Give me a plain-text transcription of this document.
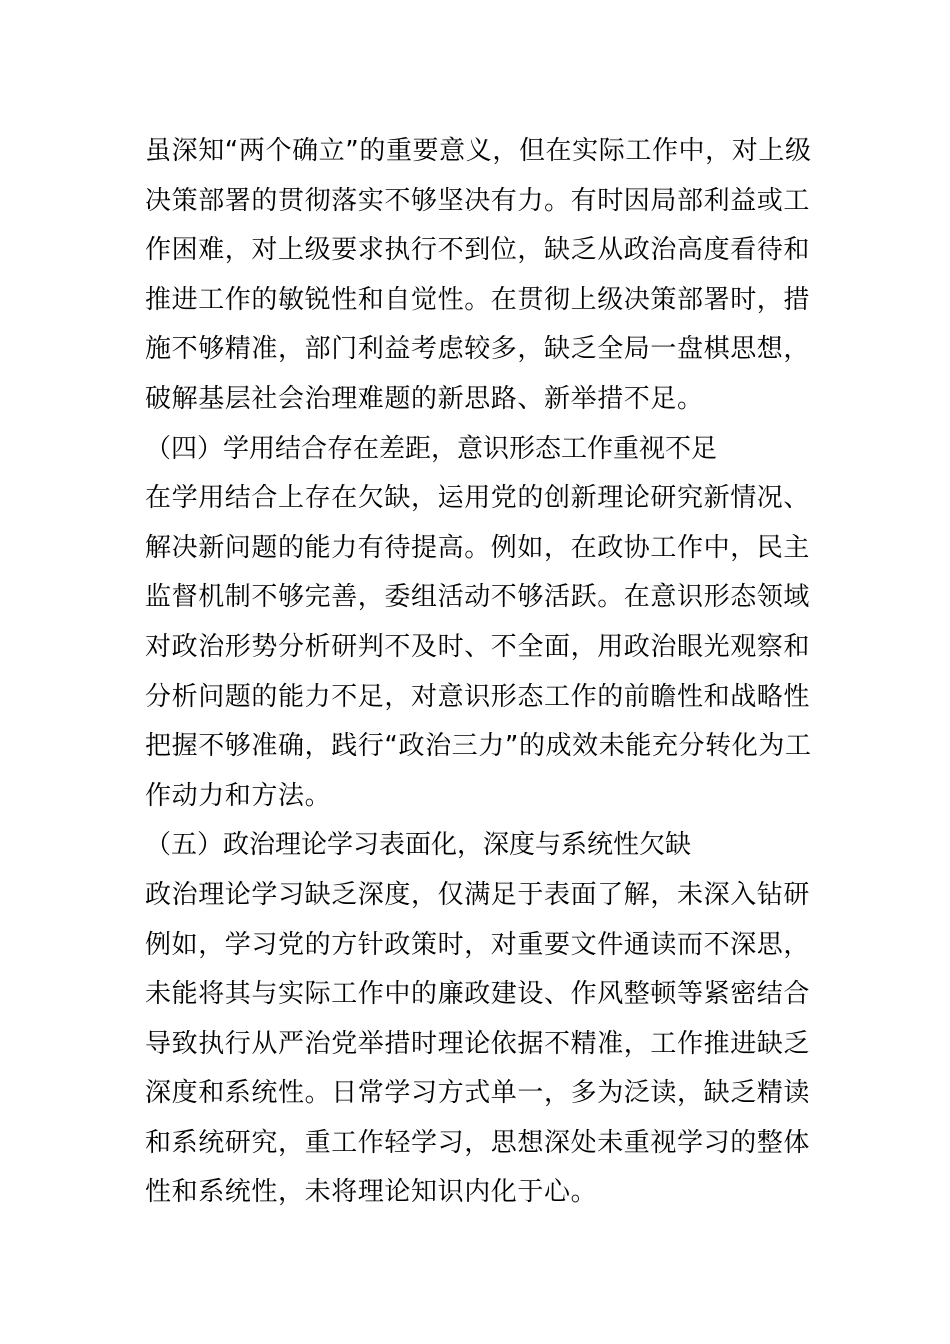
虽深知“两个确立”的重要意义，但在实际工作中，对上级
决策部署的贯彻落实不够坚决有力。有时因局部利益或工
作困难，对上级要求执行不到位，缺乏从政治高度看待和
推进工作的敏锐性和自觉性。在贯彻上级决策部署时，措
施不够精准，部门利益考虑较多，缺乏全局一盘棋思想，
破解基层社会治理难题的新思路、新举措不足。
（四）学用结合存在差距，意识形态工作重视不足
在学用结合上存在欠缺，运用党的创新理论研究新情况、
解决新问题的能力有待提高。例如，在政协工作中，民主
监督机制不够完善，委组活动不够活跃。在意识形态领域
对政治形势分析研判不及时、不全面，用政治眼光观察和
分析问题的能力不足，对意识形态工作的前瞻性和战略性
把握不够准确，践行“政治三力”的成效未能充分转化为工
作动力和方法。
（五）政治理论学习表面化，深度与系统性欠缺
政治理论学习缺乏深度，仅满足于表面了解，未深入钻研
例如，学习党的方针政策时，对重要文件通读而不深思，
未能将其与实际工作中的廉政建设、作风整顿等紧密结合
导致执行从严治党举措时理论依据不精准，工作推进缺乏
深度和系统性。日常学习方式单一，多为泛读，缺乏精读
和系统研究，重工作轻学习，思想深处未重视学习的整体
性和系统性，未将理论知识内化于心。
